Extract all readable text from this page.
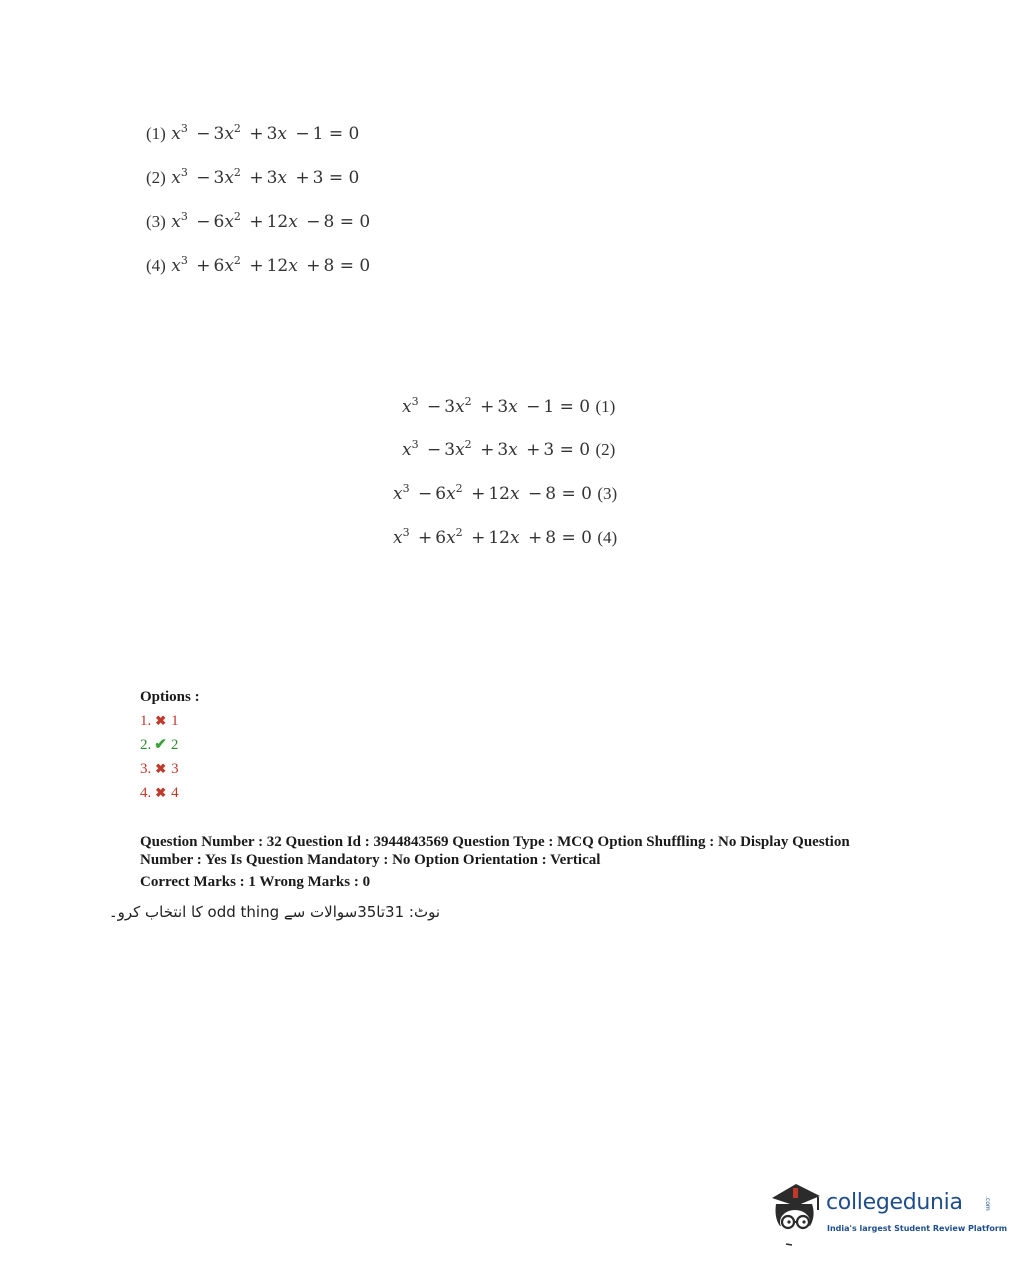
(1) $x^3 - 3x^2 + 3x - 1 = 0$
(2) $x^3 - 3x^2 + 3x + 3 = 0$
(3) $x^3 - 6x^2 + 12x - 8 = 0$
(4) $x^3 + 6x^2 + 12x + 8 = 0$
$x^3 - 3x^2 + 3x - 1 = 0$ (1)
$x^3 - 3x^2 + 3x + 3 = 0$ (2)
$x^3 - 6x^2 + 12x - 8 = 0$ (3)
$x^3 + 6x^2 + 12x + 8 = 0$ (4)
Options :
1. ✖ 1
2. ✔ 2
3. ✖ 3
4. ✖ 4
Question Number : 32 Question Id : 3944843569 Question Type : MCQ Option Shuffling : No Display Question
Number : Yes Is Question Mandatory : No Option Orientation : Vertical
Correct Marks : 1 Wrong Marks : 0
نوٹ: 31تا35سوالات سے odd thing کا انتخاب کرو۔
collegedunia	.com
India's largest Student Review Platform
